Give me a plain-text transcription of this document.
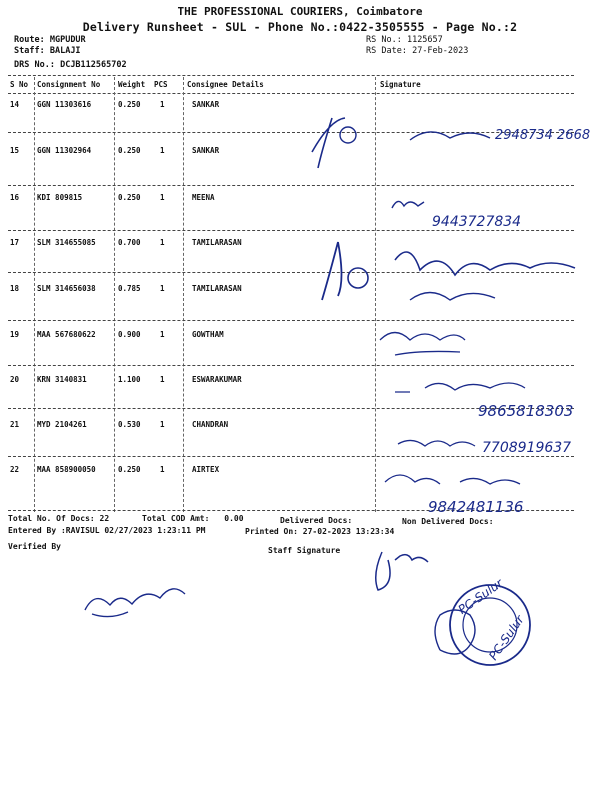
THE PROFESSIONAL COURIERS, Coimbatore
Delivery Runsheet - SUL - Phone No.:0422-3505555 - Page No.:2
Route: MGPUDUR
Staff: BALAJI
DRS No.: DCJB112565702
RS No.: 1125657
RS Date: 27-Feb-2023
S No Consignment No Weight PCS	Consignee Details	Signature
14 GGN 11303616	0.250	1	SANKAR
15 GGN 11302964	0.250	1	SANKAR
16 KDI 809815	0.250	1	MEENA
17 SLM 314655085	0.700	1	TAMILARASAN
18 SLM 314656038	0.785	1	TAMILARASAN
19 MAA 567680622	0.900	1	GOWTHAM
20 KRN 3140831	1.100	1	ESWARAKUMAR
21 MYD 2104261	0.530	1	CHANDRAN
22 MAA 858900050	0.250	1	AIRTEX
Total No. Of Docs: 22	Total COD Amt: 0.00	Delivered Docs:	Non Delivered Docs:
Entered By :RAVISUL 02/27/2023 1:23:11 PM	Printed On: 27-02-2023 13:23:34
Verified By	Staff Signature
2948734 2668
9443727834
9865818303
7708919637
9842481136
PC-Sulur
PC-Sulur
